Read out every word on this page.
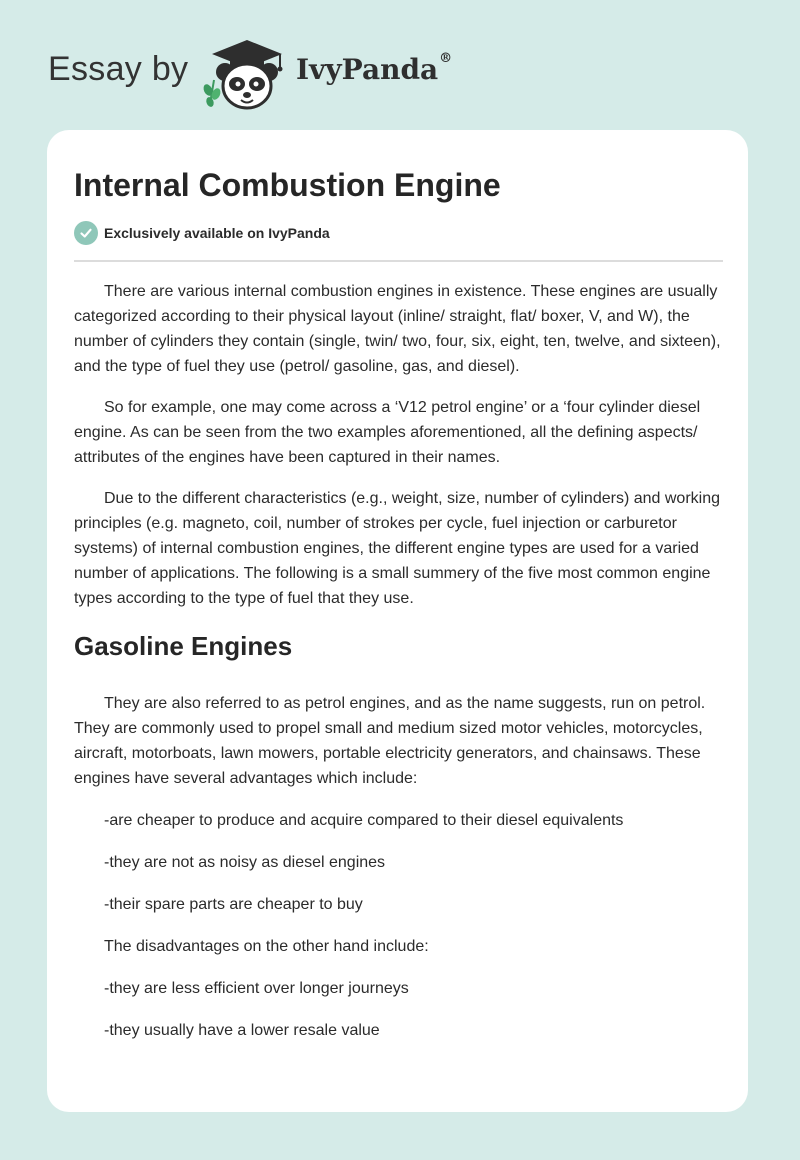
Essay by	IvyPanda®
Internal Combustion Engine
Exclusively available on IvyPanda

There are various internal combustion engines in existence. These engines are usually categorized according to their physical layout (inline/ straight, flat/ boxer, V, and W), the number of cylinders they contain (single, twin/ two, four, six, eight, ten, twelve, and sixteen), and the type of fuel they use (petrol/ gasoline, gas, and diesel).

So for example, one may come across a ‘V12 petrol engine’ or a ‘four cylinder diesel engine. As can be seen from the two examples aforementioned, all the defining aspects/ attributes of the engines have been captured in their names.

Due to the different characteristics (e.g., weight, size, number of cylinders) and working principles (e.g. magneto, coil, number of strokes per cycle, fuel injection or carburetor systems) of internal combustion engines, the different engine types are used for a varied number of applications. The following is a small summery of the five most common engine types according to the type of fuel that they use.

Gasoline Engines

They are also referred to as petrol engines, and as the name suggests, run on petrol. They are commonly used to propel small and medium sized motor vehicles, motorcycles, aircraft, motorboats, lawn mowers, portable electricity generators, and chainsaws. These engines have several advantages which include:

-are cheaper to produce and acquire compared to their diesel equivalents

-they are not as noisy as diesel engines

-their spare parts are cheaper to buy

The disadvantages on the other hand include:

-they are less efficient over longer journeys

-they usually have a lower resale value
